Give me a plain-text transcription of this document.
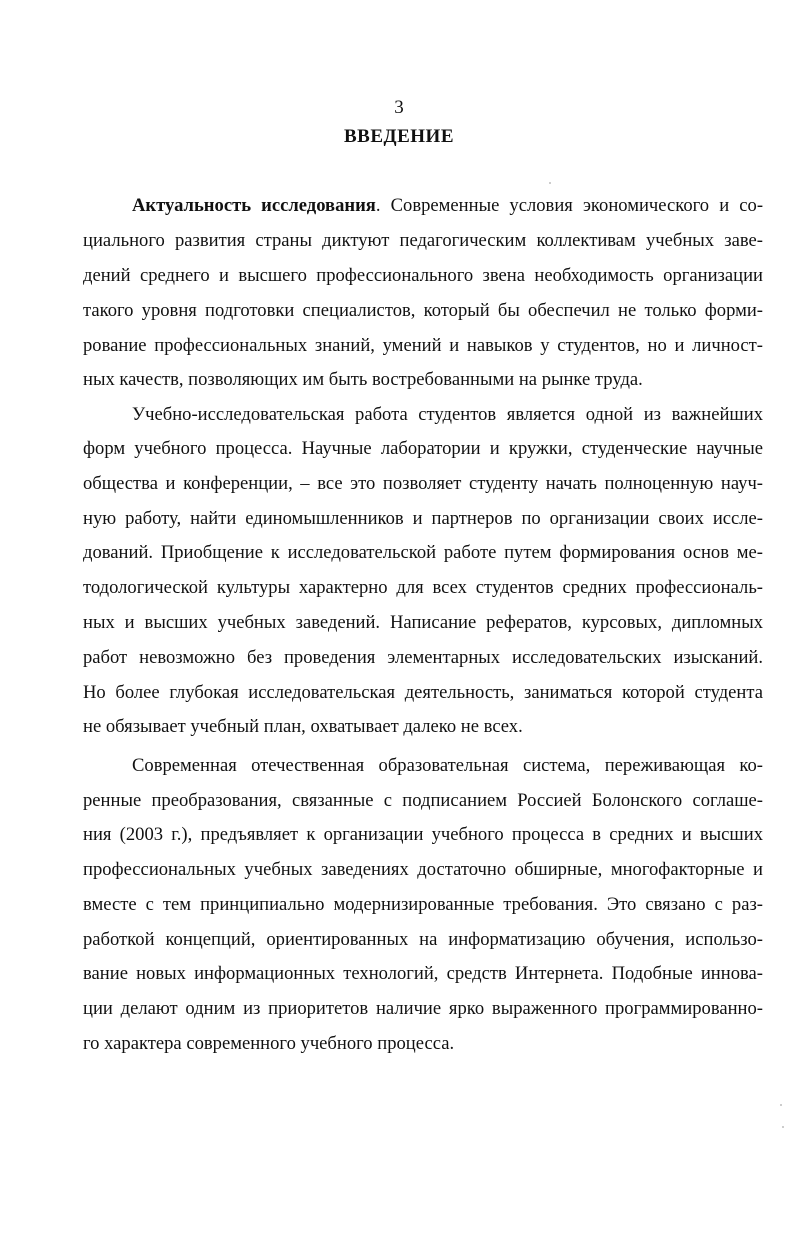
3
ВВЕДЕНИЕ
Актуальность исследования. Современные условия экономического и со-
циального развития страны диктуют педагогическим коллективам учебных заве-
дений среднего и высшего профессионального звена необходимость организации
такого уровня подготовки специалистов, который бы обеспечил не только форми-
рование профессиональных знаний, умений и навыков у студентов, но и личност-
ных качеств, позволяющих им быть востребованными на рынке труда.
Учебно-исследовательская работа студентов является одной из важнейших
форм учебного процесса. Научные лаборатории и кружки, студенческие научные
общества и конференции, – все это позволяет студенту начать полноценную науч-
ную работу, найти единомышленников и партнеров по организации своих иссле-
дований. Приобщение к исследовательской работе путем формирования основ ме-
тодологической культуры характерно для всех студентов средних профессиональ-
ных и высших учебных заведений. Написание рефератов, курсовых, дипломных
работ невозможно без проведения элементарных исследовательских изысканий.
Но более глубокая исследовательская деятельность, заниматься которой студента
не обязывает учебный план, охватывает далеко не всех.
Современная отечественная образовательная система, переживающая ко-
ренные преобразования, связанные с подписанием Россией Болонского соглаше-
ния (2003 г.), предъявляет к организации учебного процесса в средних и высших
профессиональных учебных заведениях достаточно обширные, многофакторные и
вместе с тем принципиально модернизированные требования. Это связано с раз-
работкой концепций, ориентированных на информатизацию обучения, использо-
вание новых информационных технологий, средств Интернета. Подобные иннова-
ции делают одним из приоритетов наличие ярко выраженного программированно-
го характера современного учебного процесса.
